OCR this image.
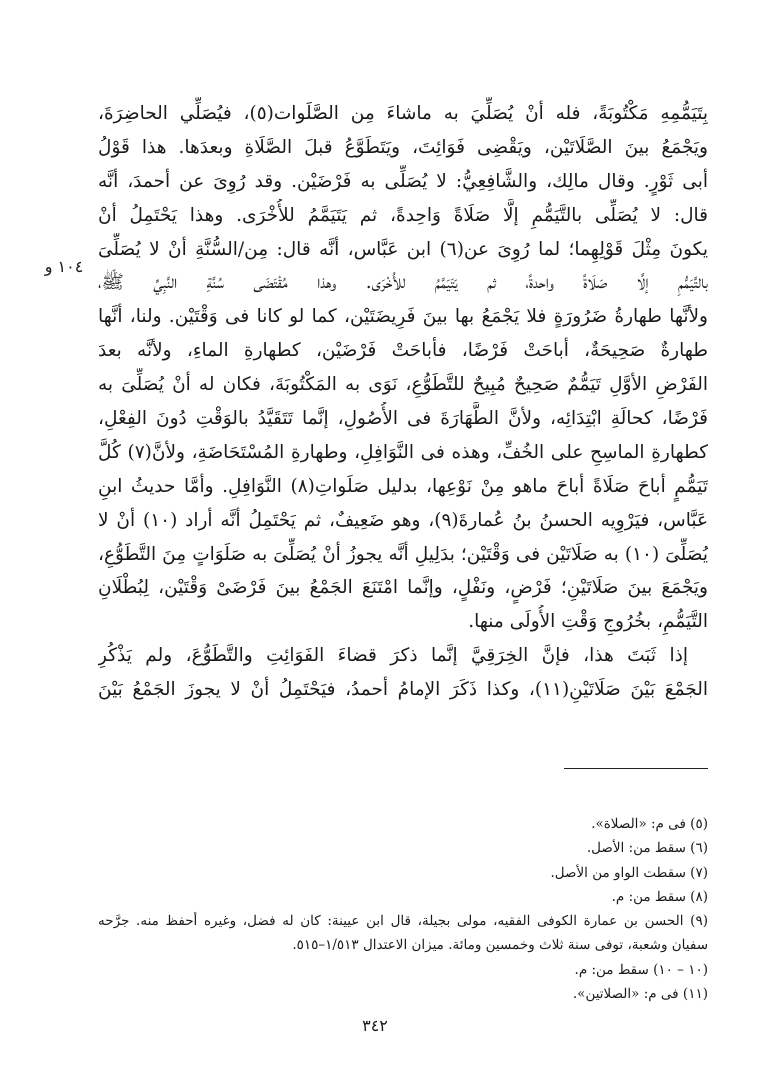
بِتَيَمُّمِهِ مَكْتُوبَةً، فله أنْ يُصَلِّيَ به ماشاءَ مِن الصَّلَوات(٥)، فيُصَلِّي الحاضِرَةَ،
ويَجْمَعُ بينَ الصَّلَاتَيْن، ويَقْضِى فَوَائِتَ، ويَتَطَوَّعُ قبلَ الصَّلَاةِ وبعدَها. هذا قَوْلُ
أبى ثَوْرٍ. وقال مالِك، والشَّافِعِيُّ: لا يُصَلِّى به فَرْضَيْن. وقد رُوِىَ عن أحمدَ، أنَّه
قال: لا يُصَلِّى بالتَّيَمُّمِ إلَّا صَلَاةً وَاحِدةً، ثم يَتَيَمَّمُ للأُخْرَى. وهذا يَحْتَمِلُ أنْ
يكونَ مِثْلَ قَوْلِهِما؛ لما رُوِىَ عن(٦) ابن عَبَّاس، أنَّه قال: مِن/السُّنَّةِ أنْ لا يُصَلِّىَ
بالتَّيَمُّمِ إلَّا صَلَاةً واحدةً، ثم يَتَيَمَّمُ للأُخْرَى. وهذا مُقْتَضَى سُنَّةِ النَّبِيِّ ﷺ،
ولأنَّها طهارةُ ضَرُورَةٍ فلا يَجْمَعُ بها بينَ فَرِيضَتَيْن، كما لو كانا فى وَقْتَيْن. ولنا، أنَّها
طهارةٌ صَحِيحَةٌ، أباحَتْ فَرْضًا، فأباحَتْ فَرْضَيْن، كطهارةِ الماءِ، ولأنَّه بعدَ
الفَرْضِ الأوَّلِ تَيَمُّمٌ صَحِيحٌ مُبِيحٌ للتَّطَوُّعِ، نَوَى به المَكْتُوبَةَ، فكان له أنْ يُصَلِّىَ به
فَرْضًا، كحالَةِ ابْتِدَائِه، ولأنَّ الطَّهَارَةَ فى الأُصُولِ، إنَّما تَتَقَيَّدُ بالوَقْتِ دُونَ الفِعْلِ،
كطهارةِ الماسِحِ على الخُفِّ، وهذه فى النَّوَافِلِ، وطهارةِ المُسْتَحَاضَةِ، ولأنَّ(٧) كُلَّ
تَيَمُّمٍ أباحَ صَلَاةً أباحَ ماهو مِنْ نَوْعِها، بدليل صَلَواتِ(٨) النَّوَافِلِ. وأمَّا حديثُ ابنِ
عَبَّاس، فيَرْوِيه الحسنُ بنُ عُمارةَ(٩)، وهو ضَعِيفٌ، ثم يَحْتَمِلُ أنَّه أراد (١٠) أنْ لا
يُصَلِّىَ (١٠) به صَلَاتَيْن فى وَقْتَيْن؛ بدَلِيلِ أنَّه يجوزُ أنْ يُصَلِّىَ به صَلَوَاتٍ مِنَ التَّطَوُّعِ،
ويَجْمَعَ بينَ صَلَاتَيْنِ؛ فَرْضٍ، ونَفْلٍ، وإنَّما امْتَنَعَ الجَمْعُ بينَ فَرْضَىْ وَقْتَيْن، لِبُطْلَانِ
التَّيَمُّمِ، بخُرُوجِ وَقْتِ الأُولَى منها.
إذا ثَبَتَ هذا، فإنَّ الخِرَقِيَّ إنَّما ذكرَ قضاءَ الفَوَائِتِ والتَّطَوُّعَ، ولم يَذْكُرِ
الجَمْعَ بَيْنَ صَلَاتَيْنِ(١١)، وكذا ذَكَرَ الإمامُ أحمدُ، فيَحْتَمِلُ أنْ لا يجوزَ الجَمْعُ بَيْنَ
١٠٤ و
(٥) فى م: «الصلاة».
(٦) سقط من: الأصل.
(٧) سقطت الواو من الأصل.
(٨) سقط من: م.
(٩) الحسن بن عمارة الكوفى الفقيه، مولى بجيلة، قال ابن عيينة: كان له فضل، وغيره أحفظ منه. جرَّحه
سفيان وشعبة، توفى سنة ثلاث وخمسين ومائة. ميزان الاعتدال ١/٥١٣–٥١٥.
(١٠ – ١٠) سقط من: م.
(١١) فى م: «الصلاتين».
٣٤٢
